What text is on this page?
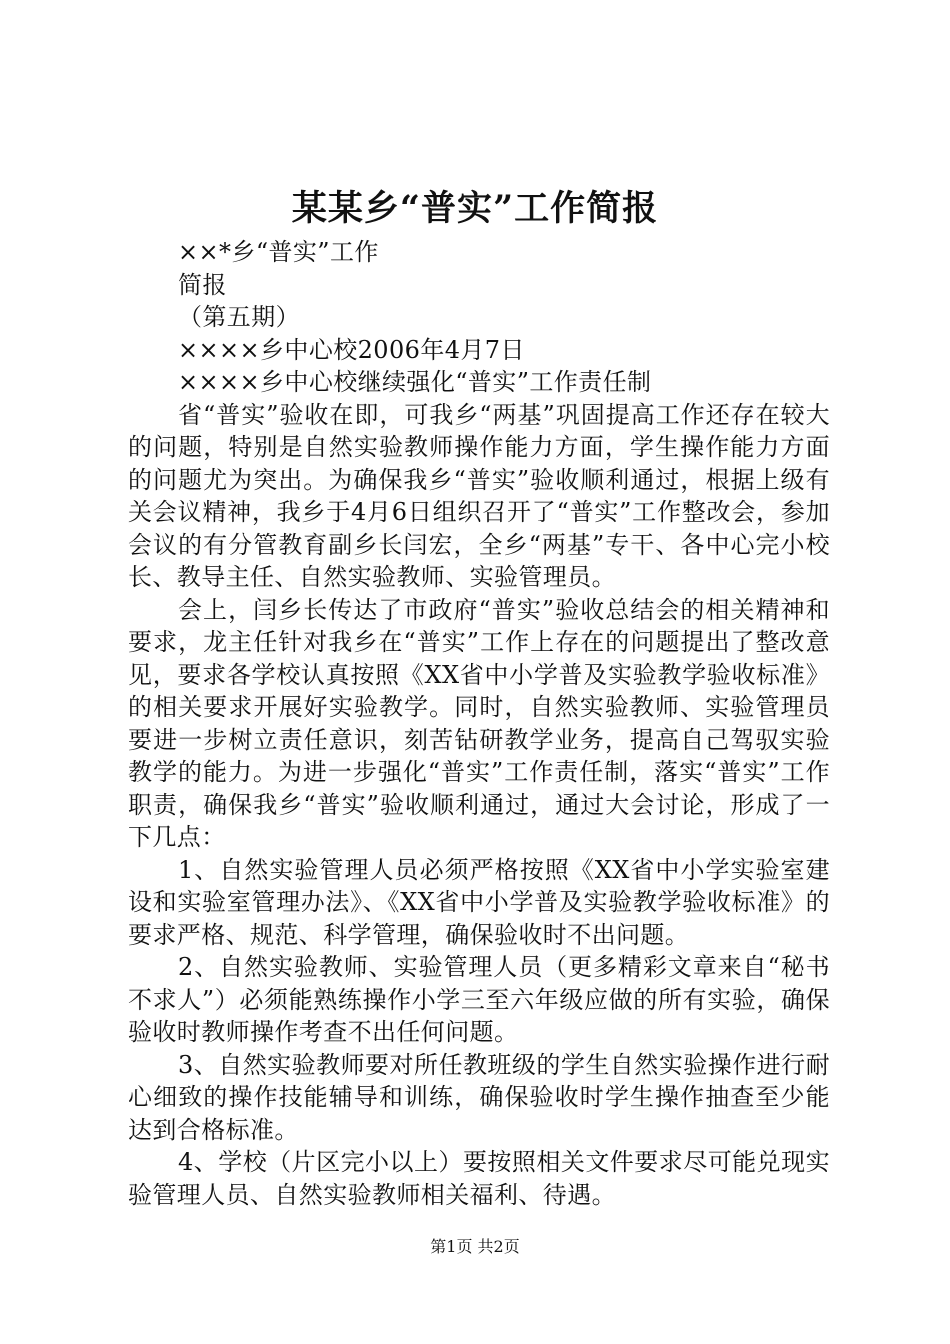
某某乡“普实”工作简报

××*乡“普实”工作

简报

（第五期）

××××乡中心校2006年4月7日

××××乡中心校继续强化“普实”工作责任制

省“普实”验收在即，可我乡“两基”巩固提高工作还存在较大的问题，特别是自然实验教师操作能力方面，学生操作能力方面的问题尤为突出。为确保我乡“普实”验收顺利通过，根据上级有关会议精神，我乡于4月6日组织召开了“普实”工作整改会，参加会议的有分管教育副乡长闫宏，全乡“两基”专干、各中心完小校长、教导主任、自然实验教师、实验管理员。

会上，闫乡长传达了市政府“普实”验收总结会的相关精神和要求，龙主任针对我乡在“普实”工作上存在的问题提出了整改意见，要求各学校认真按照《XX省中小学普及实验教学验收标准》的相关要求开展好实验教学。同时，自然实验教师、实验管理员要进一步树立责任意识，刻苦钻研教学业务，提高自己驾驭实验教学的能力。为进一步强化“普实”工作责任制，落实“普实”工作职责，确保我乡“普实”验收顺利通过，通过大会讨论，形成了一下几点：

1、自然实验管理人员必须严格按照《XX省中小学实验室建设和实验室管理办法》、《XX省中小学普及实验教学验收标准》的要求严格、规范、科学管理，确保验收时不出问题。

2、自然实验教师、实验管理人员（更多精彩文章来自“秘书不求人”）必须能熟练操作小学三至六年级应做的所有实验，确保验收时教师操作考查不出任何问题。

3、自然实验教师要对所任教班级的学生自然实验操作进行耐心细致的操作技能辅导和训练，确保验收时学生操作抽查至少能达到合格标准。

4、学校（片区完小以上）要按照相关文件要求尽可能兑现实验管理人员、自然实验教师相关福利、待遇。

第1页 共2页
